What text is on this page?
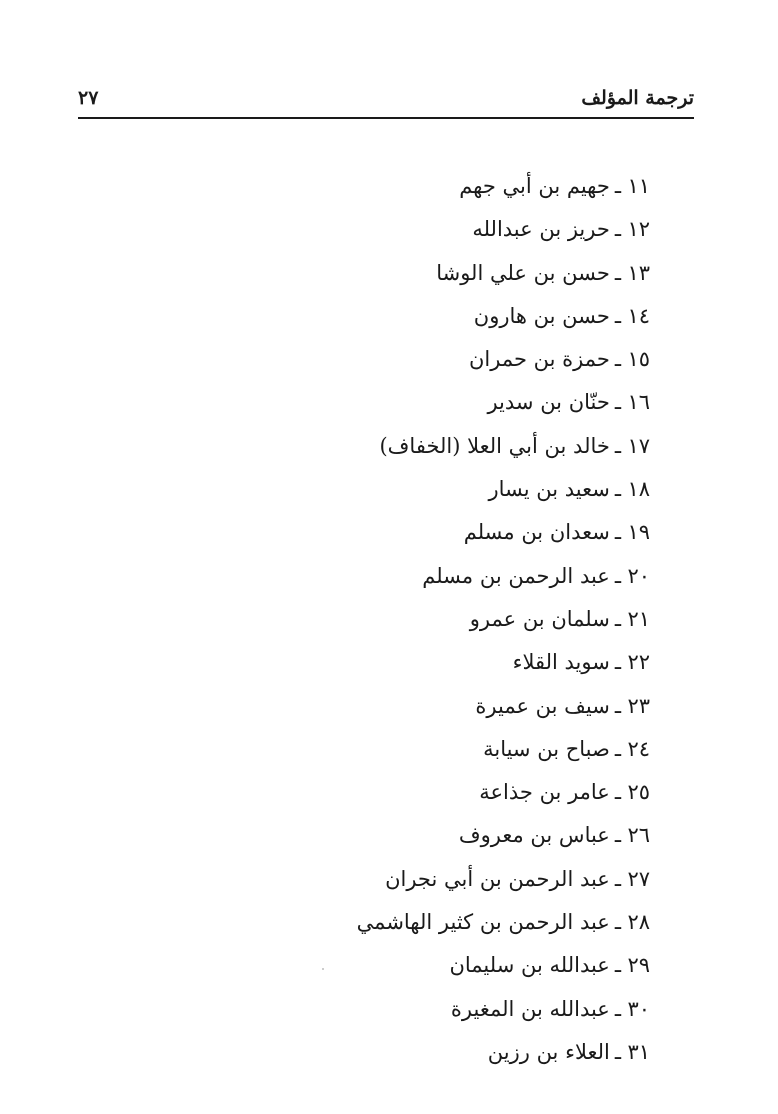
ترجمة المؤلف
٢٧
١١ـجهيم بن أبي جهم
١٢ـحريز بن عبدالله
١٣ـحسن بن علي الوشا
١٤ـحسن بن هارون
١٥ـحمزة بن حمران
١٦ـحنّان بن سدير
١٧ـخالد بن أبي العلا (الخفاف)
١٨ـسعيد بن يسار
١٩ـسعدان بن مسلم
٢٠ـعبد الرحمن بن مسلم
٢١ـسلمان بن عمرو
٢٢ـسويد القلاء
٢٣ـسيف بن عميرة
٢٤ـصباح بن سيابة
٢٥ـعامر بن جذاعة
٢٦ـعباس بن معروف
٢٧ـعبد الرحمن بن أبي نجران
٢٨ـعبد الرحمن بن كثير الهاشمي
٢٩ـعبدالله بن سليمان
٣٠ـعبدالله بن المغيرة
٣١ـالعلاء بن رزين
